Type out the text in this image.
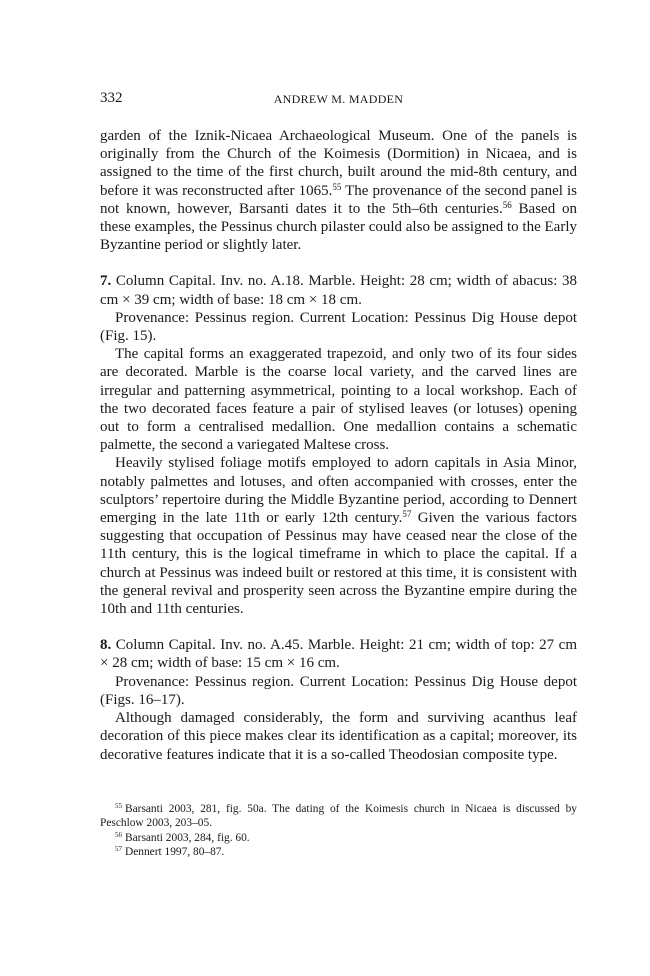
332	ANDREW M. MADDEN

garden of the Iznik-Nicaea Archaeological Museum. One of the panels is originally from the Church of the Koimesis (Dormition) in Nicaea, and is assigned to the time of the first church, built around the mid-8th century, and before it was reconstructed after 1065.55 The provenance of the second panel is not known, however, Barsanti dates it to the 5th–6th centuries.$^{56}$ Based on these examples, the Pessinus church pilaster could also be assigned to the Early Byzantine period or slightly later.

7. Column Capital. Inv. no. A.18. Marble. Height: 28 cm; width of abacus: 38 cm × 39 cm; width of base: 18 cm × 18 cm.

Provenance: Pessinus region. Current Location: Pessinus Dig House depot (Fig. 15).

The capital forms an exaggerated trapezoid, and only two of its four sides are decorated. Marble is the coarse local variety, and the carved lines are irregular and patterning asymmetrical, pointing to a local workshop. Each of the two decorated faces feature a pair of stylised leaves (or lotuses) opening out to form a centralised medallion. One medallion contains a schematic palmette, the second a variegated Maltese cross.

Heavily stylised foliage motifs employed to adorn capitals in Asia Minor, notably palmettes and lotuses, and often accompanied with crosses, enter the sculptors’ repertoire during the Middle Byzantine period, according to Dennert emerging in the late 11th or early 12th century.$^{57}$ Given the various factors suggesting that occupation of Pessinus may have ceased near the close of the 11th century, this is the logical timeframe in which to place the capital. If a church at Pessinus was indeed built or restored at this time, it is consistent with the general revival and prosperity seen across the Byzantine empire during the 10th and 11th centuries.

8. Column Capital. Inv. no. A.45. Marble. Height: 21 cm; width of top: 27 cm × 28 cm; width of base: 15 cm × 16 cm.

Provenance: Pessinus region. Current Location: Pessinus Dig House depot (Figs. 16–17).

Although damaged considerably, the form and surviving acanthus leaf decoration of this piece makes clear its identification as a capital; moreover, its decorative features indicate that it is a so-called Theodosian composite type.

$^{55}$ Barsanti 2003, 281, fig. 50a. The dating of the Koimesis church in Nicaea is discussed by Peschlow 2003, 203–05.

$^{56}$ Barsanti 2003, 284, fig. 60.

$^{57}$ Dennert 1997, 80–87.
